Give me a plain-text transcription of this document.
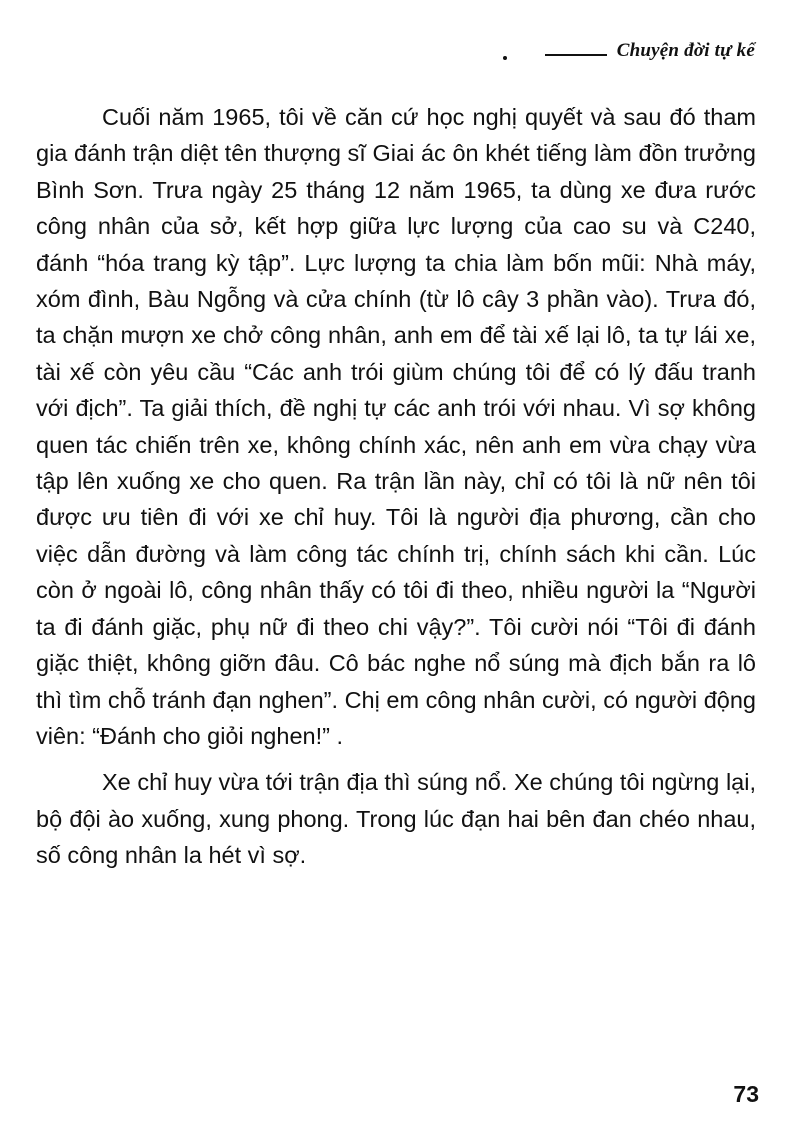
Chuyện đời tự kể

Cuối năm 1965, tôi về căn cứ học nghị quyết và sau đó tham gia đánh trận diệt tên thượng sĩ Giai ác ôn khét tiếng làm đồn trưởng Bình Sơn. Trưa ngày 25 tháng 12 năm 1965, ta dùng xe đưa rước công nhân của sở, kết hợp giữa lực lượng của cao su và C240, đánh “hóa trang kỳ tập”. Lực lượng ta chia làm bốn mũi: Nhà máy, xóm đình, Bàu Ngỗng và cửa chính (từ lô cây 3 phần vào). Trưa đó, ta chặn mượn xe chở công nhân, anh em để tài xế lại lô, ta tự lái xe, tài xế còn yêu cầu “Các anh trói giùm chúng tôi để có lý đấu tranh với địch”. Ta giải thích, đề nghị tự các anh trói với nhau. Vì sợ không quen tác chiến trên xe, không chính xác, nên anh em vừa chạy vừa tập lên xuống xe cho quen. Ra trận lần này, chỉ có tôi là nữ nên tôi được ưu tiên đi với xe chỉ huy. Tôi là người địa phương, cần cho việc dẫn đường và làm công tác chính trị, chính sách khi cần. Lúc còn ở ngoài lô, công nhân thấy có tôi đi theo, nhiều người la “Người ta đi đánh giặc, phụ nữ đi theo chi vậy?”. Tôi cười nói “Tôi đi đánh giặc thiệt, không giỡn đâu. Cô bác nghe nổ súng mà địch bắn ra lô thì tìm chỗ tránh đạn nghen”. Chị em công nhân cười, có người động viên: “Đánh cho giỏi nghen!” .

Xe chỉ huy vừa tới trận địa thì súng nổ. Xe chúng tôi ngừng lại, bộ đội ào xuống, xung phong. Trong lúc đạn hai bên đan chéo nhau, số công nhân la hét vì sợ.

73
